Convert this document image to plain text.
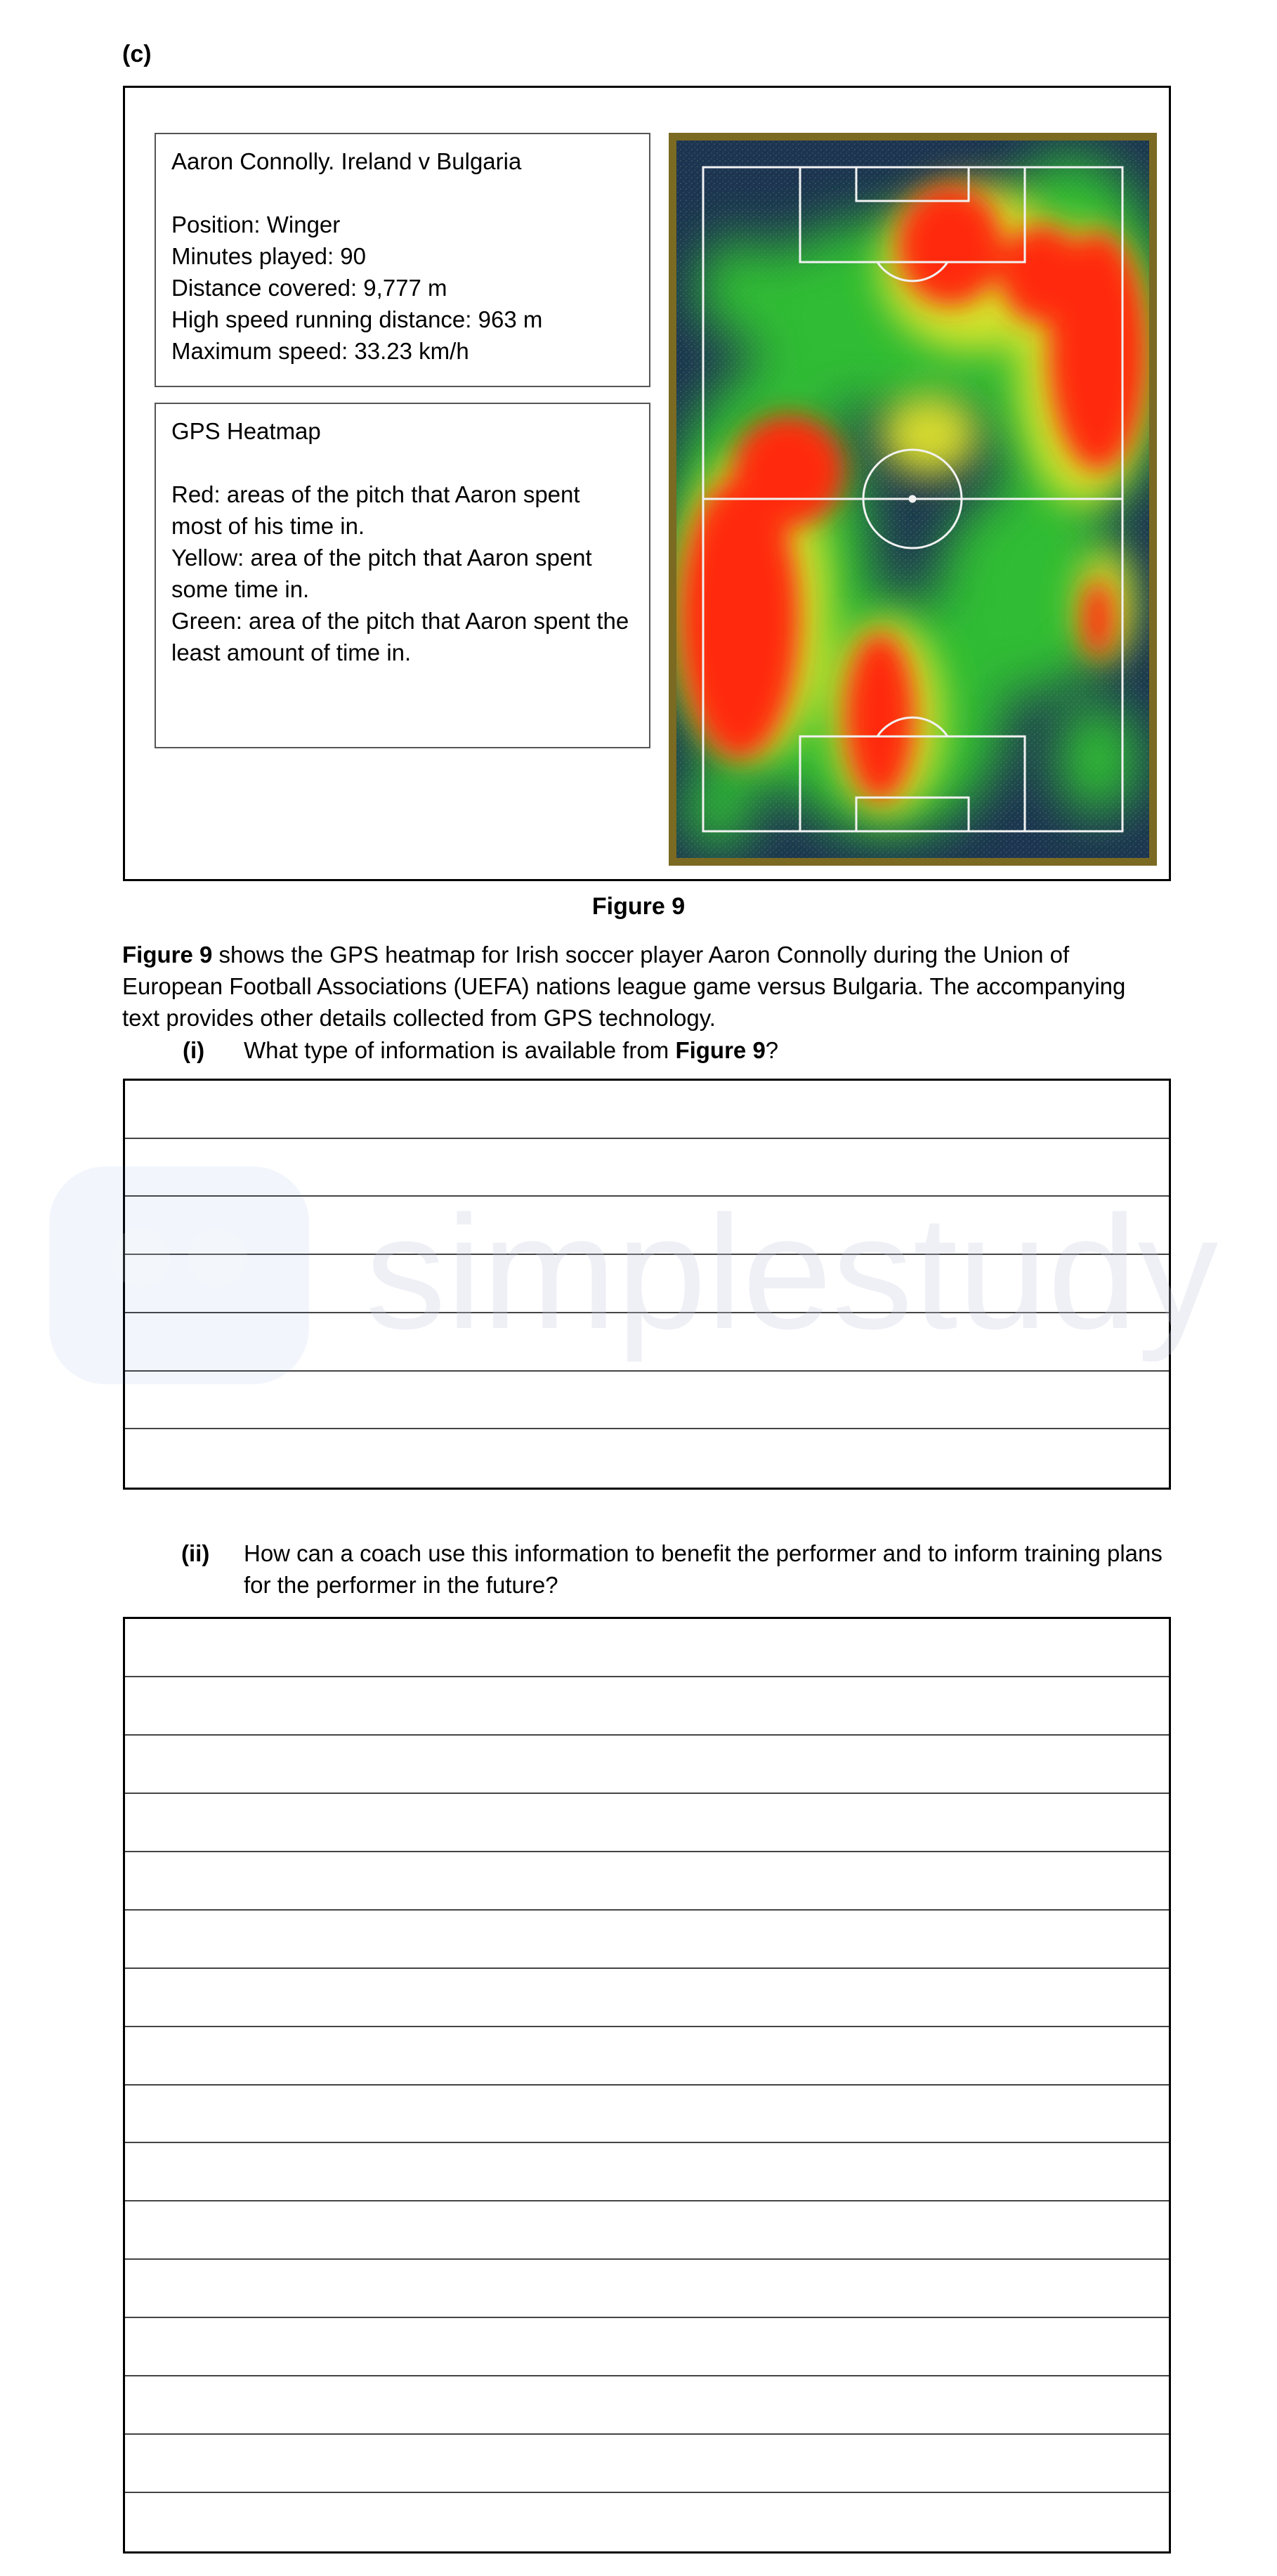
(c)

Aaron Connolly. Ireland v Bulgaria

Position: Winger

Minutes played: 90

Distance covered: 9,777 m

High speed running distance: 963 m

Maximum speed: 33.23 km/h

GPS Heatmap

Red: areas of the pitch that Aaron spent most of his time in.

Yellow: area of the pitch that Aaron spent some time in.

Green: area of the pitch that Aaron spent the least amount of time in.

Figure 9
Figure 9 shows the GPS heatmap for Irish soccer player Aaron Connolly during the Union of European Football Associations (UEFA) nations league game versus Bulgaria. The accompanying text provides other details collected from GPS technology.
(i) What type of information is available from Figure 9?
(ii) How can a coach use this information to benefit the performer and to inform training plans for the performer in the future?
simplestudy
